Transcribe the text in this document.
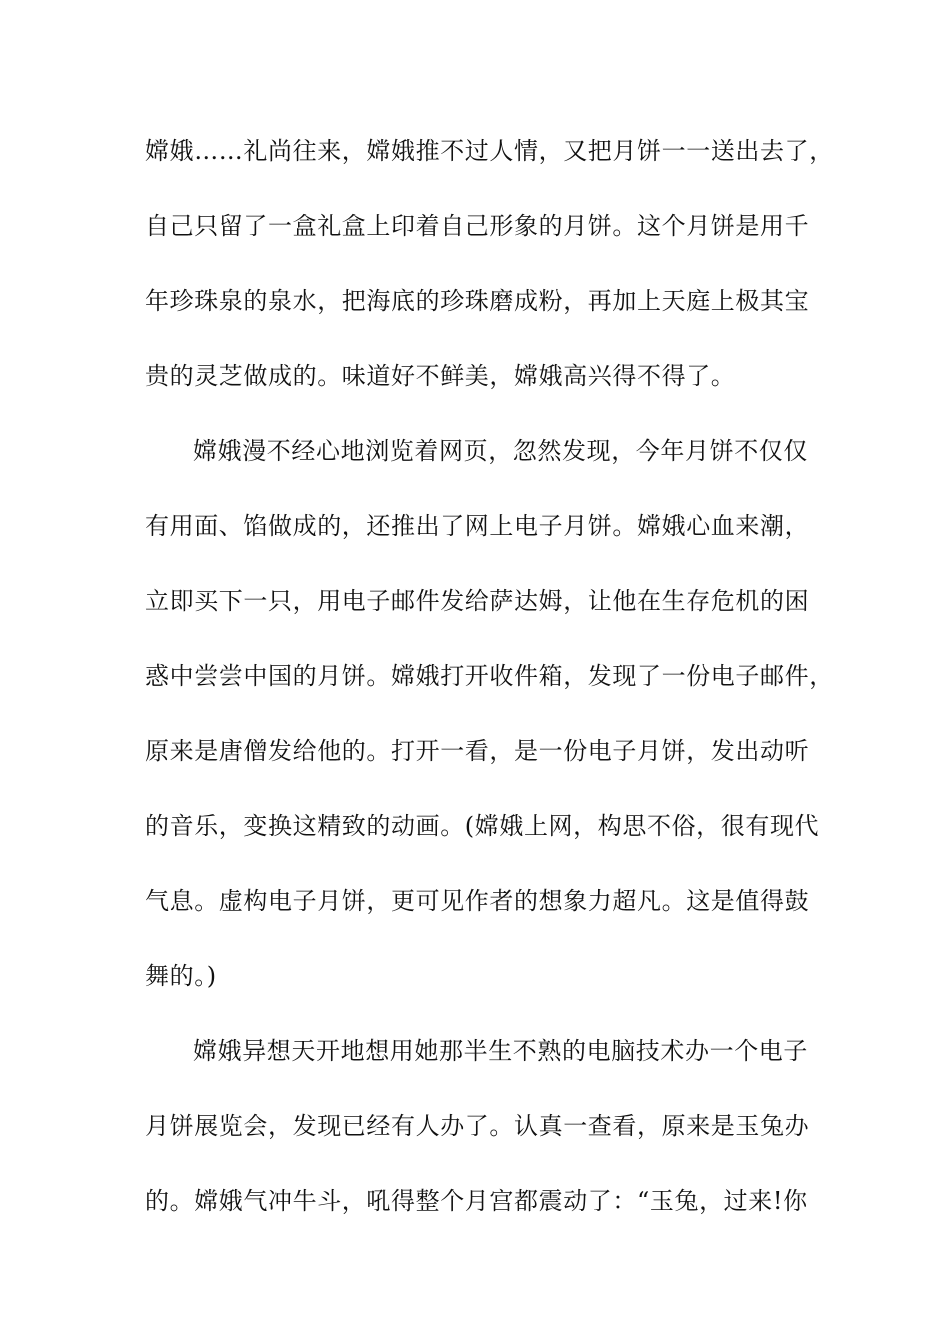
嫦娥……礼尚往来，嫦娥推不过人情，又把月饼一一送出去了，
自己只留了一盒礼盒上印着自己形象的月饼。这个月饼是用千
年珍珠泉的泉水，把海底的珍珠磨成粉，再加上天庭上极其宝
贵的灵芝做成的。味道好不鲜美，嫦娥高兴得不得了。
嫦娥漫不经心地浏览着网页，忽然发现，今年月饼不仅仅
有用面、馅做成的，还推出了网上电子月饼。嫦娥心血来潮，
立即买下一只，用电子邮件发给萨达姆，让他在生存危机的困
惑中尝尝中国的月饼。嫦娥打开收件箱，发现了一份电子邮件，
原来是唐僧发给他的。打开一看，是一份电子月饼，发出动听
的音乐，变换这精致的动画。(嫦娥上网，构思不俗，很有现代
气息。虚构电子月饼，更可见作者的想象力超凡。这是值得鼓
舞的。)
嫦娥异想天开地想用她那半生不熟的电脑技术办一个电子
月饼展览会，发现已经有人办了。认真一查看，原来是玉兔办
的。嫦娥气冲牛斗，吼得整个月宫都震动了：“玉兔，过来!你
